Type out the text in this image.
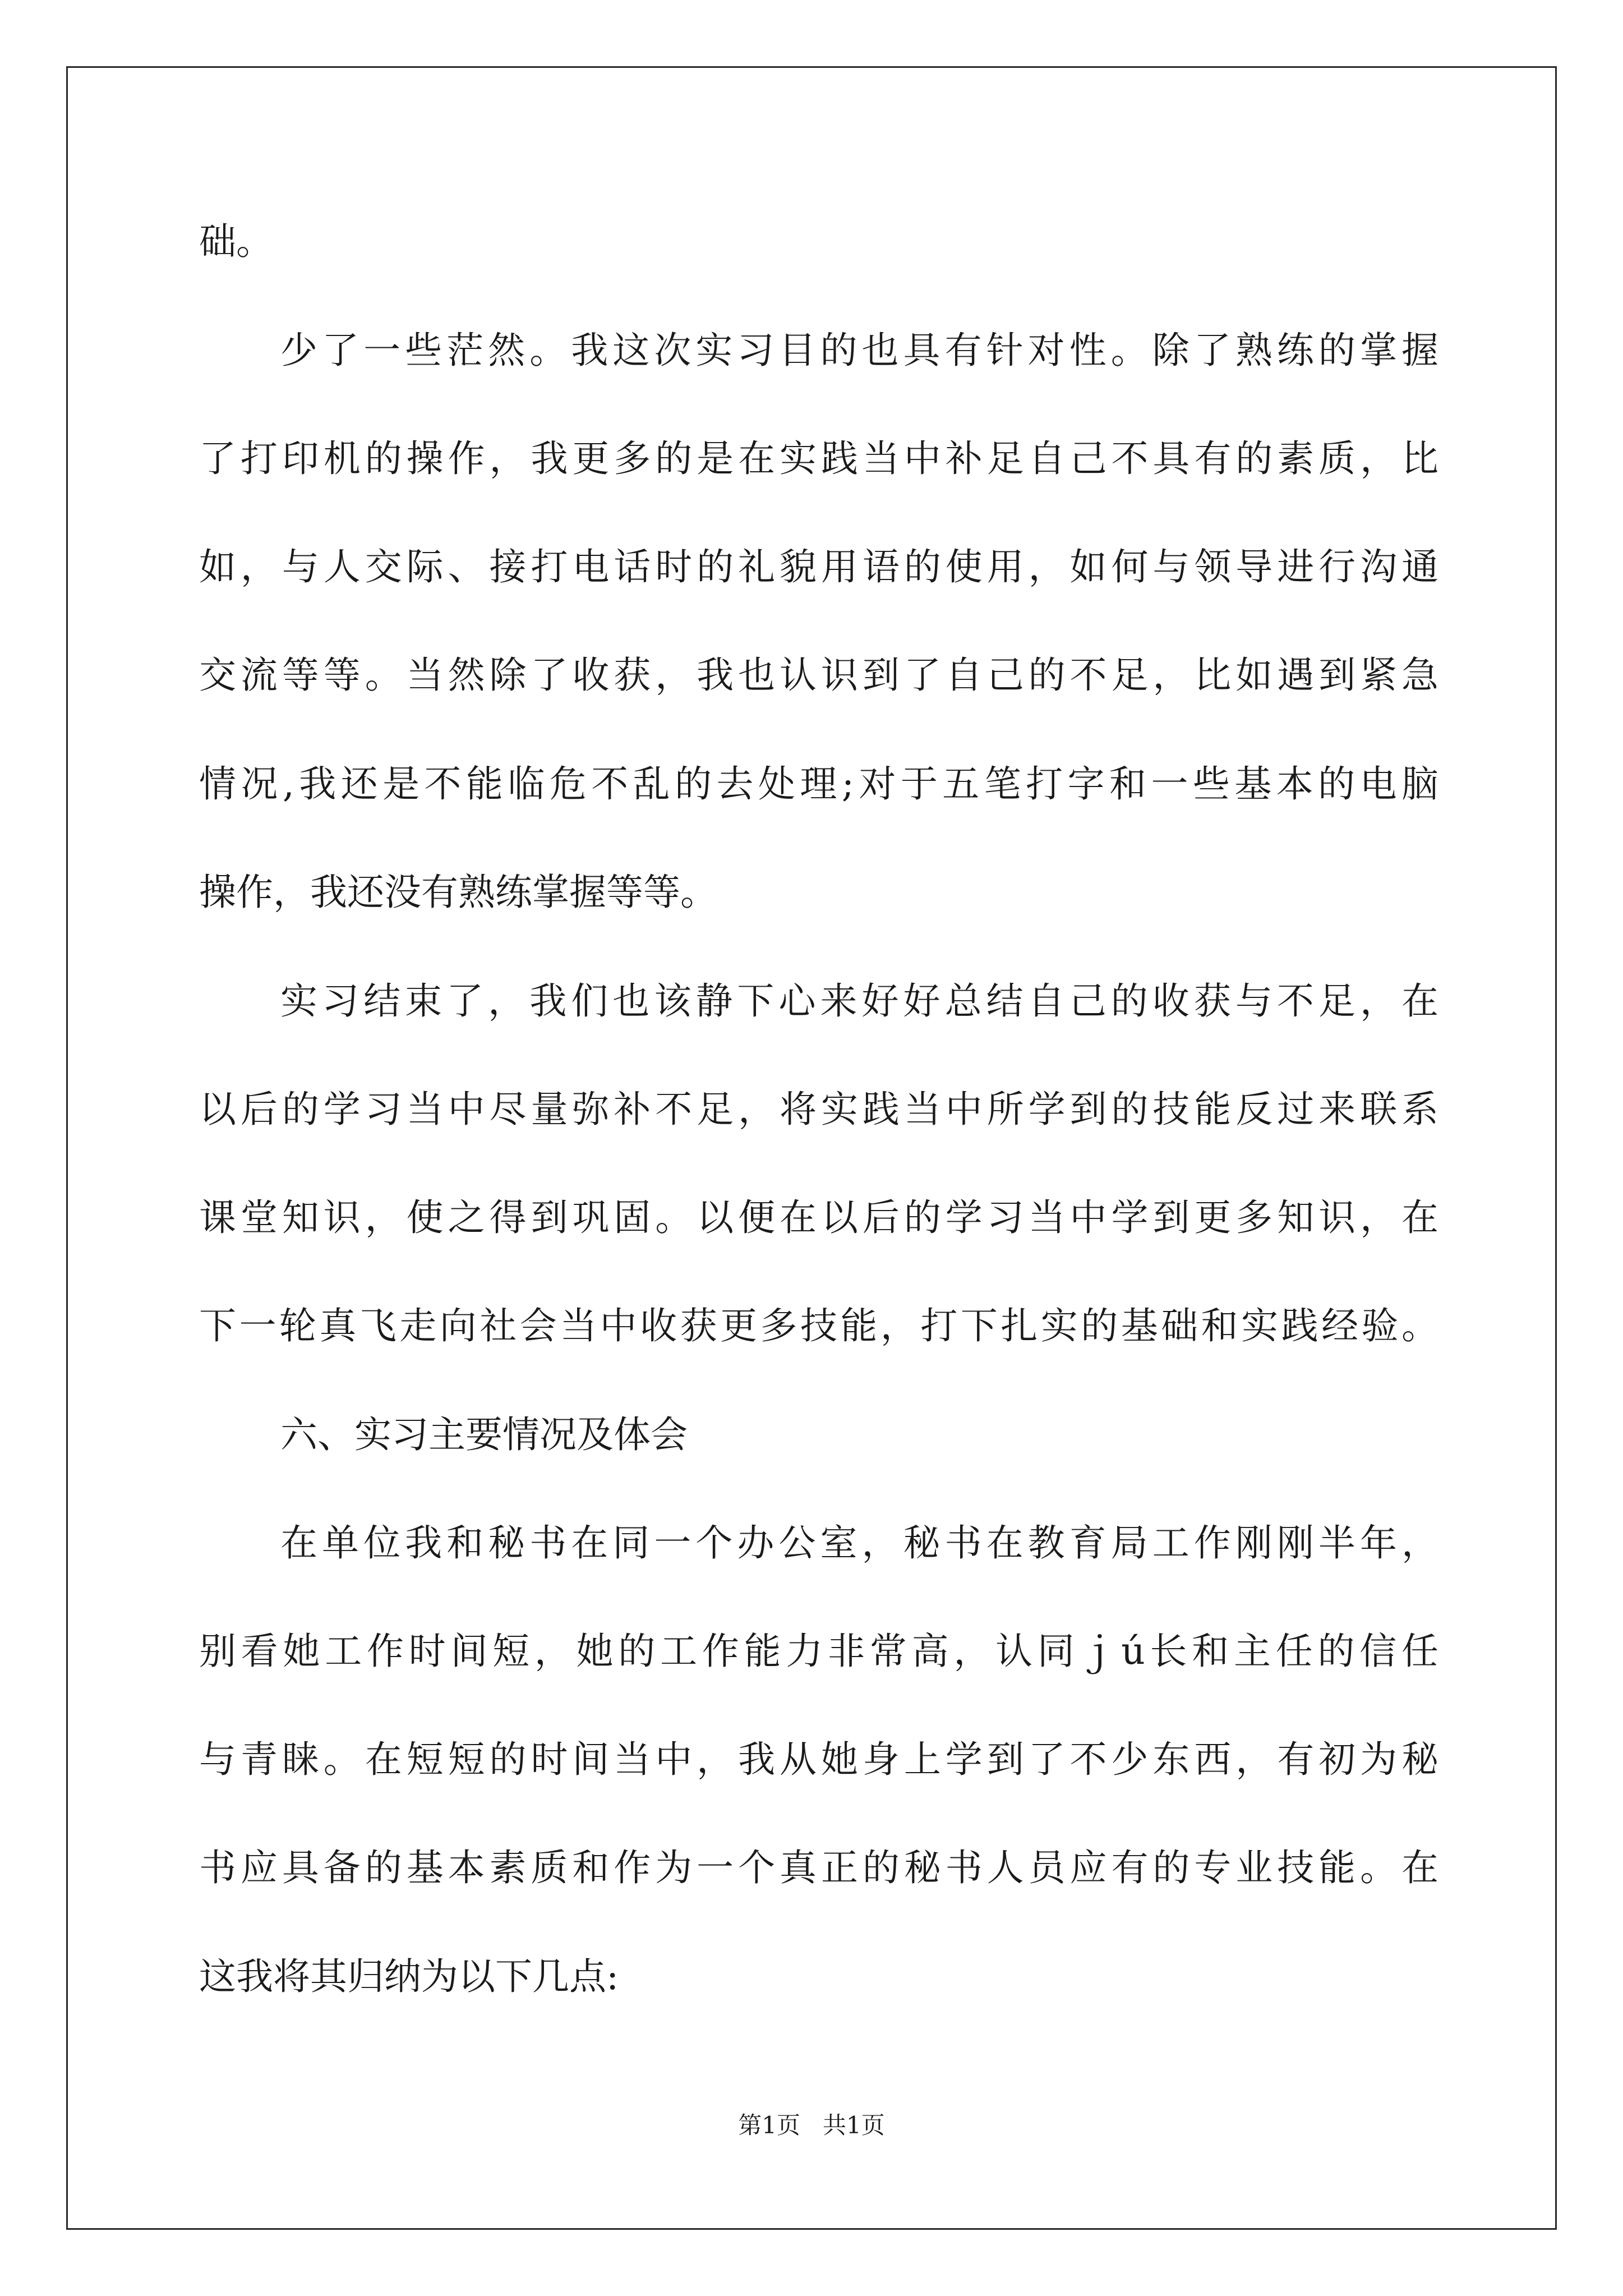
础。
少了一些茫然。我这次实习目的也具有针对性。除了熟练的掌握
了打印机的操作，我更多的是在实践当中补足自己不具有的素质，比
如，与人交际、接打电话时的礼貌用语的使用，如何与领导进行沟通
交流等等。当然除了收获，我也认识到了自己的不足，比如遇到紧急
情况,我还是不能临危不乱的去处理;对于五笔打字和一些基本的电脑
操作，我还没有熟练掌握等等。
实习结束了，我们也该静下心来好好总结自己的收获与不足，在
以后的学习当中尽量弥补不足，将实践当中所学到的技能反过来联系
课堂知识，使之得到巩固。以便在以后的学习当中学到更多知识，在
下一轮真飞走向社会当中收获更多技能，打下扎实的基础和实践经验。
六、实习主要情况及体会
在单位我和秘书在同一个办公室，秘书在教育局工作刚刚半年，
别看她工作时间短，她的工作能力非常高，认同ｊú长和主任的信任
与青睐。在短短的时间当中，我从她身上学到了不少东西，有初为秘
书应具备的基本素质和作为一个真正的秘书人员应有的专业技能。在
这我将其归纳为以下几点:
第1页   共1页
